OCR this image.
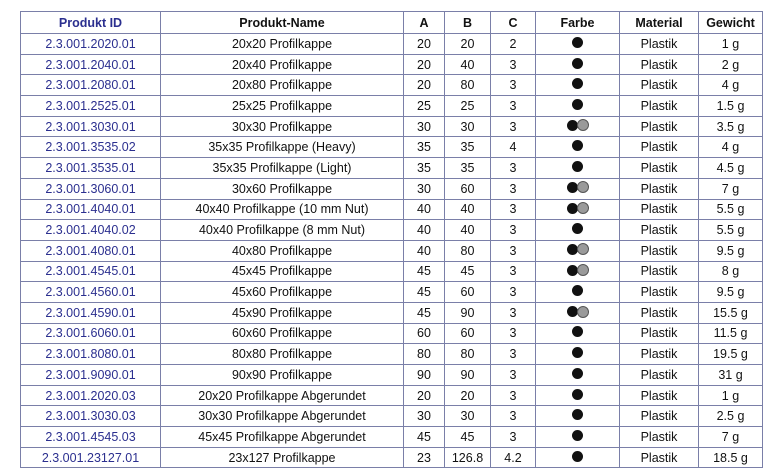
Produkt ID	Produkt-Name	A	B	C	Farbe	Material	Gewicht
2.3.001.2020.01	20x20 Profilkappe	20	20	2		Plastik	1 g
2.3.001.2040.01	20x40 Profilkappe	20	40	3		Plastik	2 g
2.3.001.2080.01	20x80 Profilkappe	20	80	3		Plastik	4 g
2.3.001.2525.01	25x25 Profilkappe	25	25	3		Plastik	1.5 g
2.3.001.3030.01	30x30 Profilkappe	30	30	3		Plastik	3.5 g
2.3.001.3535.02	35x35 Profilkappe (Heavy)	35	35	4		Plastik	4 g
2.3.001.3535.01	35x35 Profilkappe (Light)	35	35	3		Plastik	4.5 g
2.3.001.3060.01	30x60 Profilkappe	30	60	3		Plastik	7 g
2.3.001.4040.01	40x40 Profilkappe (10 mm Nut)	40	40	3		Plastik	5.5 g
2.3.001.4040.02	40x40 Profilkappe (8 mm Nut)	40	40	3		Plastik	5.5 g
2.3.001.4080.01	40x80 Profilkappe	40	80	3		Plastik	9.5 g
2.3.001.4545.01	45x45 Profilkappe	45	45	3		Plastik	8 g
2.3.001.4560.01	45x60 Profilkappe	45	60	3		Plastik	9.5 g
2.3.001.4590.01	45x90 Profilkappe	45	90	3		Plastik	15.5 g
2.3.001.6060.01	60x60 Profilkappe	60	60	3		Plastik	11.5 g
2.3.001.8080.01	80x80 Profilkappe	80	80	3		Plastik	19.5 g
2.3.001.9090.01	90x90 Profilkappe	90	90	3		Plastik	31 g
2.3.001.2020.03	20x20 Profilkappe Abgerundet	20	20	3		Plastik	1 g
2.3.001.3030.03	30x30 Profilkappe Abgerundet	30	30	3		Plastik	2.5 g
2.3.001.4545.03	45x45 Profilkappe Abgerundet	45	45	3		Plastik	7 g
2.3.001.23127.01	23x127 Profilkappe	23	126.8	4.2		Plastik	18.5 g
